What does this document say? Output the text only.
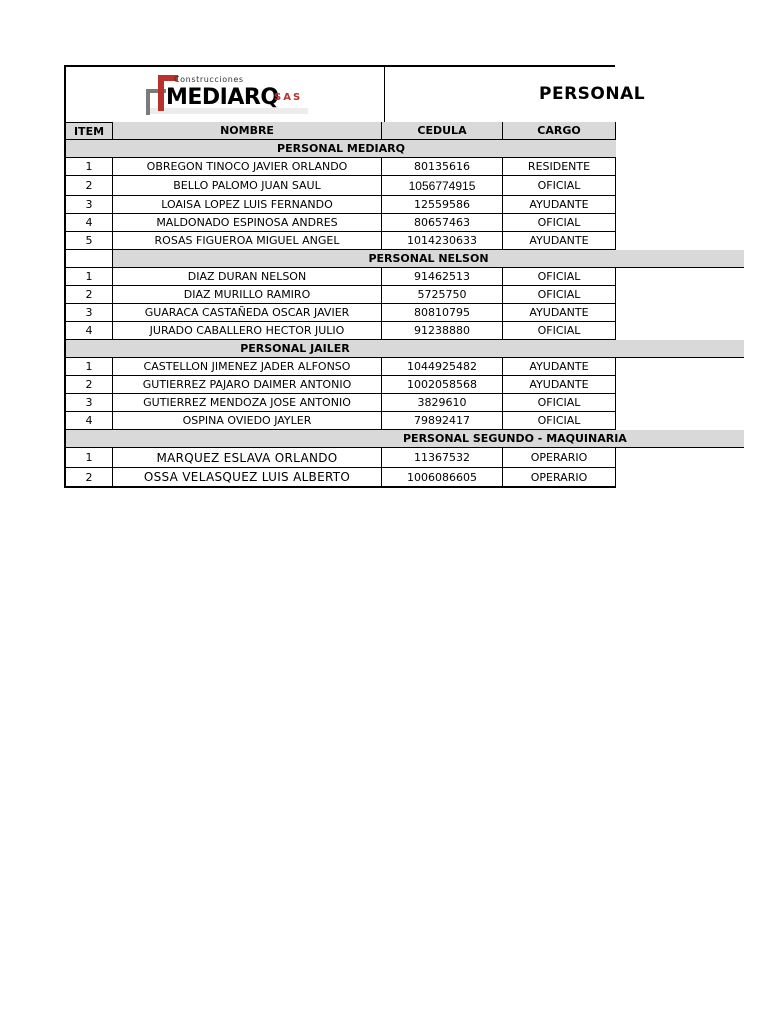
Construcciones
MEDIARQ
SAS	PERSONAL
ITEM	NOMBRE	CEDULA	CARGO
PERSONAL MEDIARQ
1	OBREGON TINOCO JAVIER ORLANDO	80135616	RESIDENTE
2	BELLO PALOMO JUAN SAUL	1056774915	OFICIAL
3	LOAISA LOPEZ LUIS FERNANDO	12559586	AYUDANTE
4	MALDONADO ESPINOSA ANDRES	80657463	OFICIAL
5	ROSAS FIGUEROA MIGUEL ANGEL	1014230633	AYUDANTE
PERSONAL NELSON
1	DIAZ DURAN NELSON	91462513	OFICIAL
2	DIAZ MURILLO RAMIRO	5725750	OFICIAL
3	GUARACA CASTAÑEDA OSCAR JAVIER	80810795	AYUDANTE
4	JURADO CABALLERO HECTOR JULIO	91238880	OFICIAL
PERSONAL JAILER
1	CASTELLON JIMENEZ JADER ALFONSO	1044925482	AYUDANTE
2	GUTIERREZ PAJARO DAIMER ANTONIO	1002058568	AYUDANTE
3	GUTIERREZ MENDOZA JOSE ANTONIO	3829610	OFICIAL
4	OSPINA OVIEDO JAYLER	79892417	OFICIAL
PERSONAL SEGUNDO - MAQUINARIA
1	MARQUEZ ESLAVA ORLANDO	11367532	OPERARIO
2	OSSA VELASQUEZ LUIS ALBERTO	1006086605	OPERARIO
